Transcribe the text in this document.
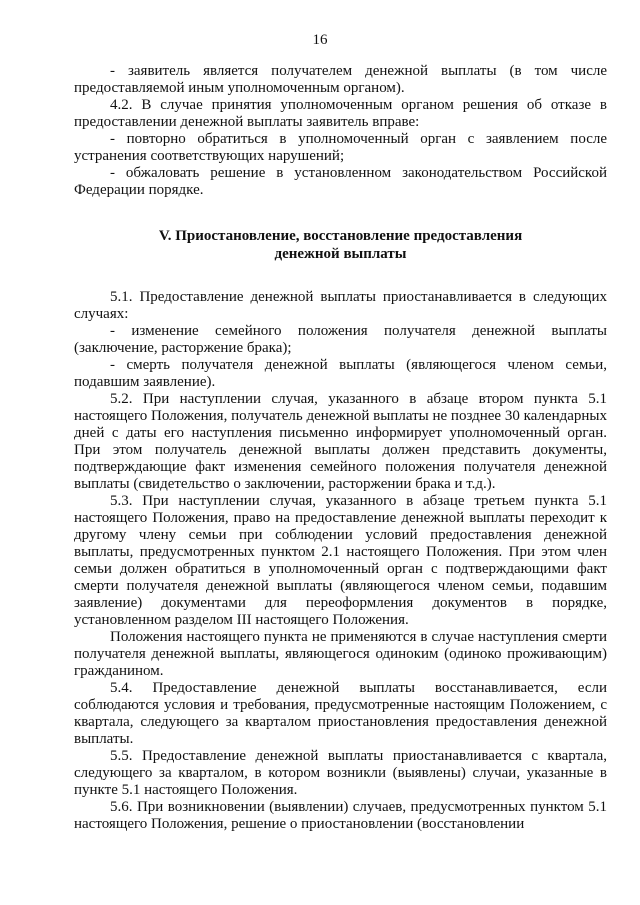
16

- заявитель является получателем денежной выплаты (в том числе предоставляемой иным уполномоченным органом).

4.2. В случае принятия уполномоченным органом решения об отказе в предоставлении денежной выплаты заявитель вправе:

- повторно обратиться в уполномоченный орган с заявлением после устранения соответствующих нарушений;

- обжаловать решение в установленном законодательством Российской Федерации порядке.

V. Приостановление, восстановление предоставления
денежной выплаты

5.1. Предоставление денежной выплаты приостанавливается в следующих случаях:

- изменение семейного положения получателя денежной выплаты (заключение, расторжение брака);

- смерть получателя денежной выплаты (являющегося членом семьи, подавшим заявление).

5.2. При наступлении случая, указанного в абзаце втором пункта 5.1 настоящего Положения, получатель денежной выплаты не позднее 30 календарных дней с даты его наступления письменно информирует уполномоченный орган. При этом получатель денежной выплаты должен представить документы, подтверждающие факт изменения семейного положения получателя денежной выплаты (свидетельство о заключении, расторжении брака и т.д.).

5.3. При наступлении случая, указанного в абзаце третьем пункта 5.1 настоящего Положения, право на предоставление денежной выплаты переходит к другому члену семьи при соблюдении условий предоставления денежной выплаты, предусмотренных пунктом 2.1 настоящего Положения. При этом член семьи должен обратиться в уполномоченный орган с подтверждающими факт смерти получателя денежной выплаты (являющегося членом семьи, подавшим заявление) документами для переоформления документов в порядке, установленном разделом III настоящего Положения.

Положения настоящего пункта не применяются в случае наступления смерти получателя денежной выплаты, являющегося одиноким (одиноко проживающим) гражданином.

5.4. Предоставление денежной выплаты восстанавливается, если соблюдаются условия и требования, предусмотренные настоящим Положением, с квартала, следующего за кварталом приостановления предоставления денежной выплаты.

5.5. Предоставление денежной выплаты приостанавливается с квартала, следующего за кварталом, в котором возникли (выявлены) случаи, указанные в пункте 5.1 настоящего Положения.

5.6. При возникновении (выявлении) случаев, предусмотренных пунктом 5.1 настоящего Положения, решение о приостановлении (восстановлении
